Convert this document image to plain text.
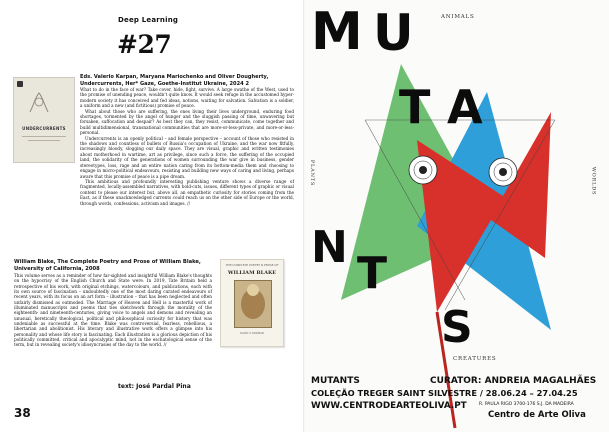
Deep Learning
#27
UNDERCURRENTS
Eds. Valerio Karpan, Maryana Mariochenko and Oliver Dougherty, Undercurrents, Her* Gaze, Goethe-Institut Ukraine, 2024 2

What to do in the face of war? Take cover, hide, fight, survive. A large swathe of the West, used to the promise of unending peace, wouldn't quite know. It would seek refuge in the accustomed hyper-modern society it has conceived and fed ideas, notions, waiting for salvation. Salvation is a soldier, a uniform and a new (and fictitious) promise of peace.

What about those who are suffering, the ones living their lives underground, enduring food shortages, tormented by the angel of hunger and the sluggish passing of time, unwavering but forsaken, suffocation and despair? As best they can, they resist, communicate, come together and build multidimensional, transnational communities that are more-or-less-private, and more-or-less-personal.

Undercurrents is an openly political – and female perspective – account of those who resisted in the shadows and countless of bullets of Russia's occupation of Ukraine, and the war now fitfully, increasingly bloody, slogging our daily space. They are visual, graphic and written testimonies about motherhood in wartime, art as privilege, since such a force, the suffering of the occupied land, the solidarity of the generations of women surrounding the war give in business, gender stereotypes, loss, rage and an entire nation caring from its bottom-media them and choosing to engage in micro-political endeavours, resisting and building new ways of caring and living, perhaps aware that this promise of peace is a pipe dream.

This ambitious and profoundly interesting publishing venture shows a diverse range of fragmented, locally-assembled narratives, with bold-cuts, issues, different types of graphic or visual content to please our interest but, above all, an empathetic curiosity for stories coming from the East, as if these unacknowledged currents could reach us on the other side of Europe or the world, through words, confessions, activism and images. //

William Blake, The Complete Poetry and Prose of William Blake, University of California, 2008
This volume serves as a reminder of how far-sighted and insightful William Blake's thoughts on the hypocrisy of the English Church and State were. In 2019, Tate Britain held a retrospective of his work, with original etchings, watercolours, and publications, each with its own source of fascination – undoubtedly one of the most daring curated endeavours of recent years, with its focus on an art form – illustration – that has been neglected and often unfairly dismissed as outmoded. The Marriage of Heaven and Hell is a masterful work of illuminated manuscripts and poems that ties sketchwork through the morality of the eighteenth- and nineteenth-centuries, giving voice to angels and demons and revealing an unusual, heretically theological, political and philosophical curiosity for history that was undeniable as successful at the time. Blake was controversial, fearless, rebellious, a libertarian and abolitionist. His literary and illustrative work offers a glimpse into his personality and whose life story is fascinating. Each illustration is a glorious depiction of his politically committed, critical and apocalyptic mind, not in the eschatological sense of the term, but in revealing society's idiosyncrasies of the day to the world. //
THE COMPLETE POETRY & PROSE OF
WILLIAM BLAKE
DAVID V. ERDMAN
text: José Pardal Pina
38
M U
T A
N
T
S
ANIMALS
PLANTS	WORLDS
CREATURES
MUTANTS	CURATOR: ANDREIA MAGALHÃES
COLEÇÃO TREGER SAINT SILVESTRE / 28.06.24 – 27.04.25
WWW.CENTRODEARTEOLIVA.PT	R. PAULA RIGO 3700-176 S.J. DA MADEIRA
Centro de Arte Oliva
